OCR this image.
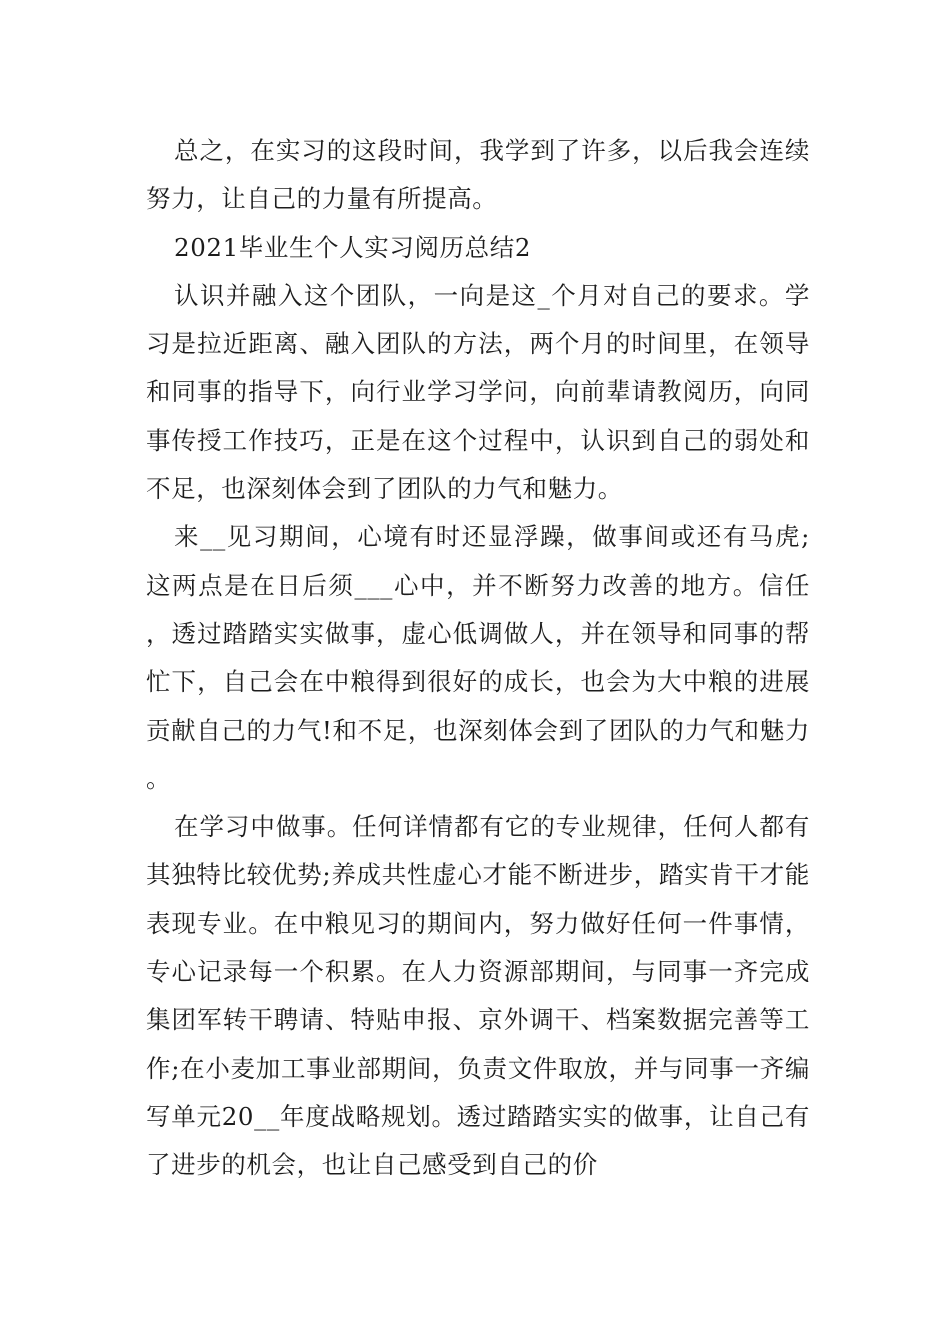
总之，在实习的这段时间，我学到了许多，以后我会连续努力，让自己的力量有所提高。

2021毕业生个人实习阅历总结2

认识并融入这个团队，一向是这_个月对自己的要求。学习是拉近距离、融入团队的方法，两个月的时间里，在领导和同事的指导下，向行业学习学问，向前辈请教阅历，向同事传授工作技巧，正是在这个过程中，认识到自己的弱处和不足，也深刻体会到了团队的力气和魅力。

来__见习期间，心境有时还显浮躁，做事间或还有马虎;这两点是在日后须___心中，并不断努力改善的地方。信任，透过踏踏实实做事，虚心低调做人，并在领导和同事的帮忙下，自己会在中粮得到很好的成长，也会为大中粮的进展贡献自己的力气!和不足，也深刻体会到了团队的力气和魅力。

在学习中做事。任何详情都有它的专业规律，任何人都有其独特比较优势;养成共性虚心才能不断进步，踏实肯干才能表现专业。在中粮见习的期间内，努力做好任何一件事情，专心记录每一个积累。在人力资源部期间，与同事一齐完成集团军转干聘请、特贴申报、京外调干、档案数据完善等工作;在小麦加工事业部期间，负责文件取放，并与同事一齐编写单元20__年度战略规划。透过踏踏实实的做事，让自己有了进步的机会，也让自己感受到自己的价
